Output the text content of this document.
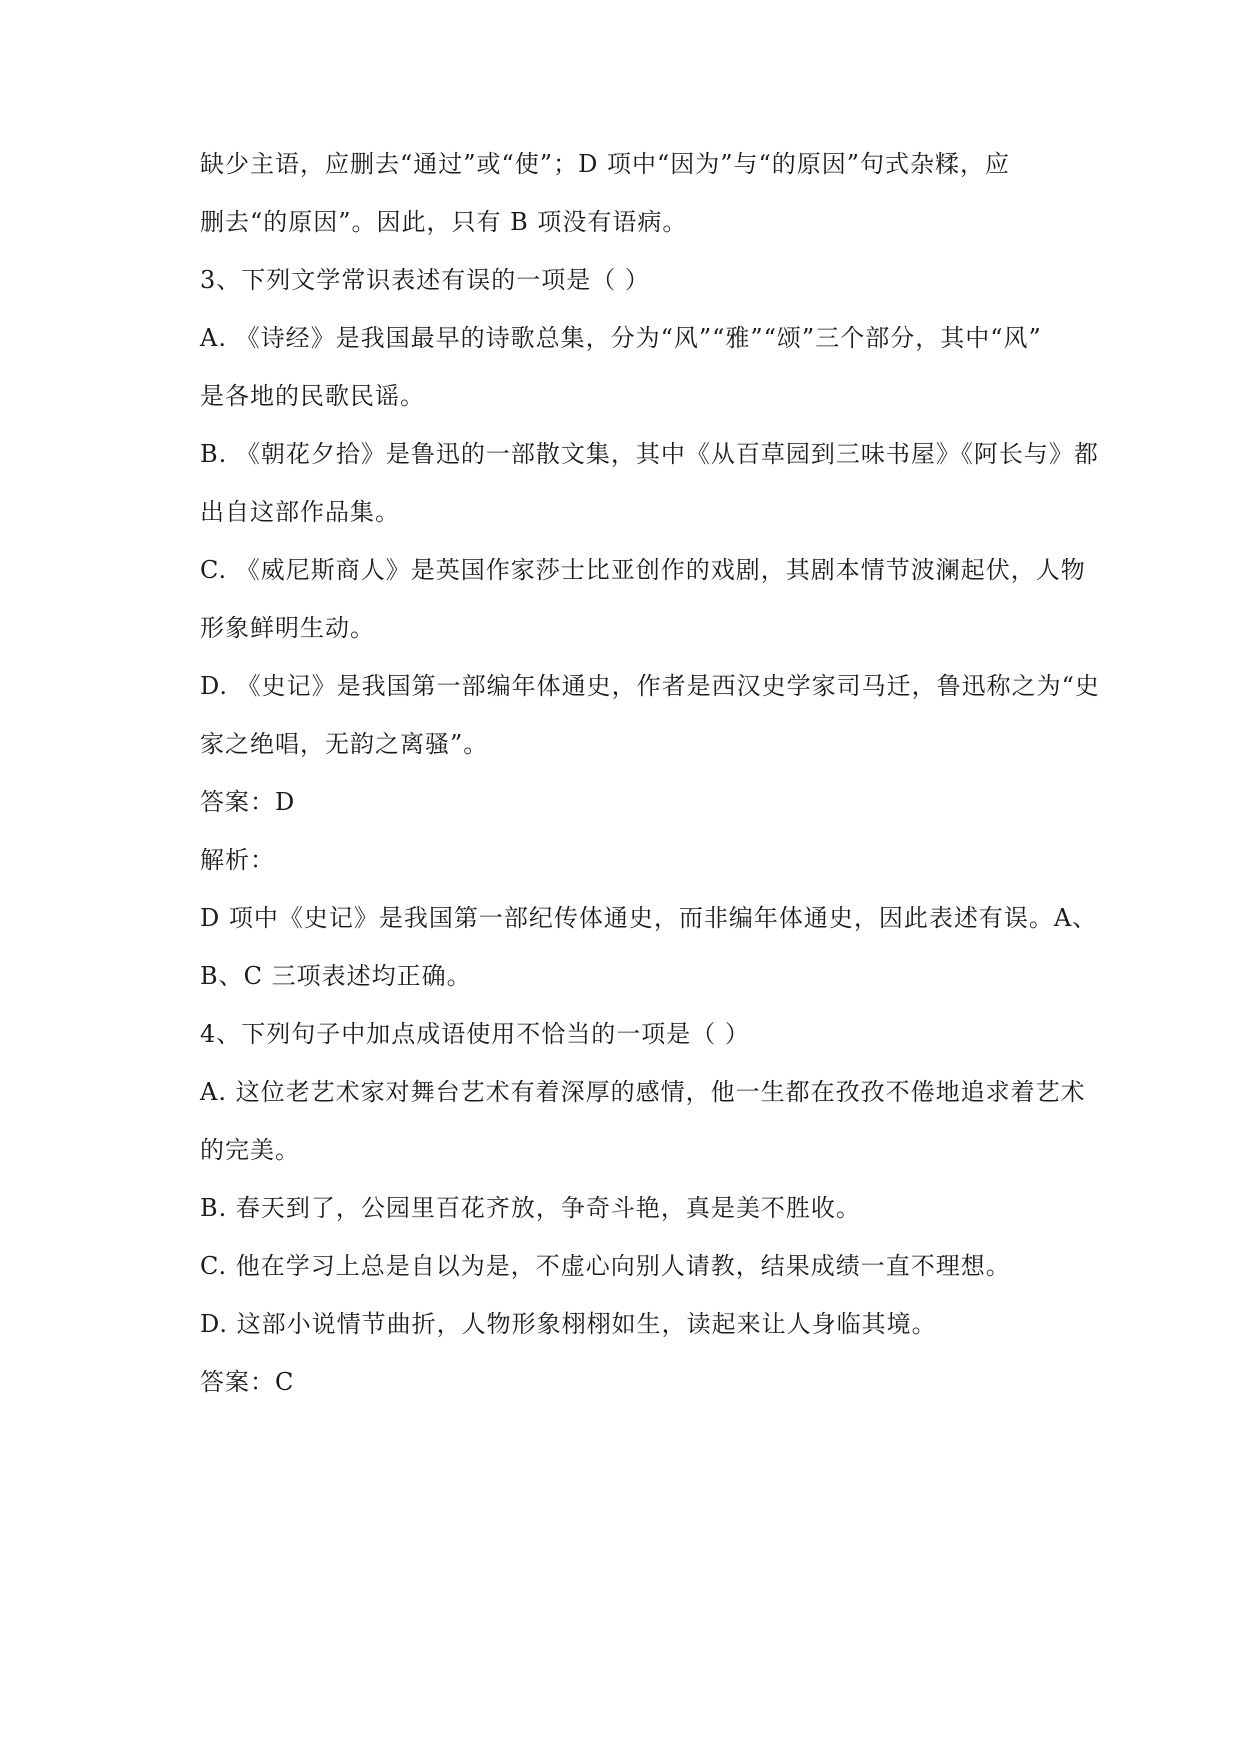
缺少主语，应删去“通过”或“使”；D 项中“因为”与“的原因”句式杂糅，应
删去“的原因”。因此，只有 B 项没有语病。
3、下列文学常识表述有误的一项是（ ）
A. 《诗经》是我国最早的诗歌总集，分为“风”“雅”“颂”三个部分，其中“风”
是各地的民歌民谣。
B. 《朝花夕拾》是鲁迅的一部散文集，其中《从百草园到三味书屋》《阿长与》都
出自这部作品集。
C. 《威尼斯商人》是英国作家莎士比亚创作的戏剧，其剧本情节波澜起伏，人物
形象鲜明生动。
D. 《史记》是我国第一部编年体通史，作者是西汉史学家司马迁，鲁迅称之为“史
家之绝唱，无韵之离骚”。
答案：D
解析：
D 项中《史记》是我国第一部纪传体通史，而非编年体通史，因此表述有误。A、
B、C 三项表述均正确。
4、下列句子中加点成语使用不恰当的一项是（ ）
A. 这位老艺术家对舞台艺术有着深厚的感情，他一生都在孜孜不倦地追求着艺术
的完美。
B. 春天到了，公园里百花齐放，争奇斗艳，真是美不胜收。
C. 他在学习上总是自以为是，不虚心向别人请教，结果成绩一直不理想。
D. 这部小说情节曲折，人物形象栩栩如生，读起来让人身临其境。
答案：C
